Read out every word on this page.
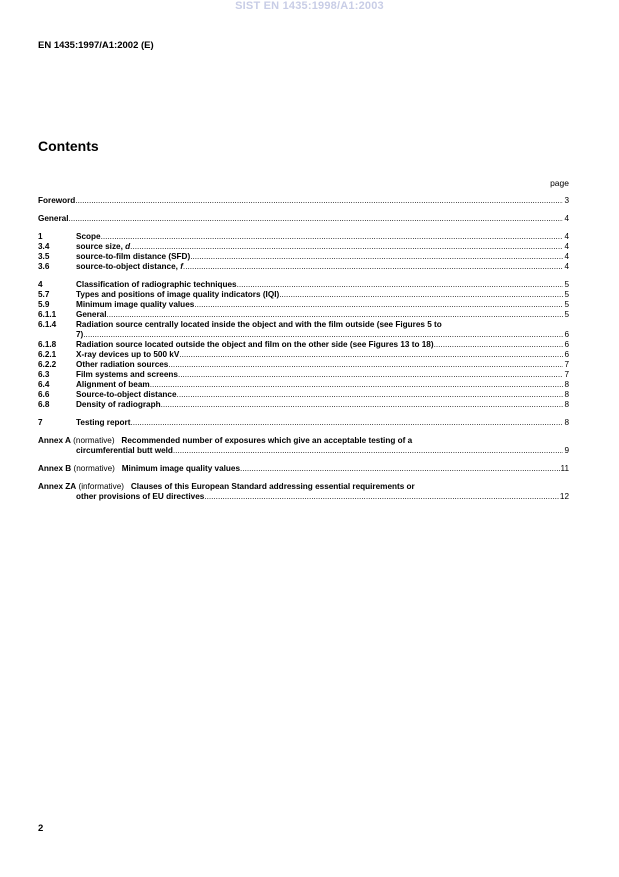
SIST EN 1435:1998/A1:2003
EN 1435:1997/A1:2002 (E)
Contents
page
Foreword .....	3
General .....	4
1	Scope .....	4
3.4	source size, d .....	4
3.5	source-to-film distance (SFD) .....	4
3.6	source-to-object distance, f .....	4
4	Classification of radiographic techniques .....	5
5.7	Types and positions of image quality indicators (IQI) .....	5
5.9	Minimum image quality values .....	5
6.1.1	General .....	5
6.1.4	Radiation source centrally located inside the object and with the film outside (see Figures 5 to
7) .....	6
6.1.8	Radiation source located outside the object and film on the other side (see Figures 13 to 18) .....	6
6.2.1	X-ray devices up to 500 kV .....	6
6.2.2	Other radiation sources .....	7
6.3	Film systems and screens .....	7
6.4	Alignment of beam .....	8
6.6	Source-to-object distance .....	8
6.8	Density of radiograph .....	8
7	Testing report .....	8
Annex A (normative) Recommended number of exposures which give an acceptable testing of a
circumferential butt weld .....	9
Annex B (normative) Minimum image quality values .....	11
Annex ZA (informative) Clauses of this European Standard addressing essential requirements or
other provisions of EU directives .....	12
2
